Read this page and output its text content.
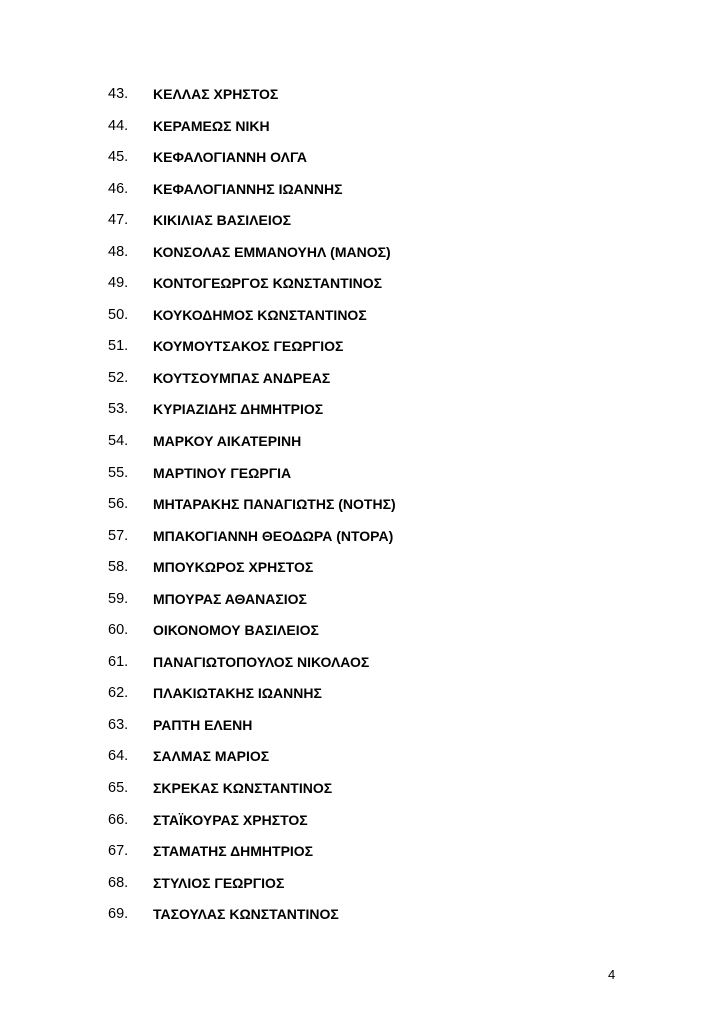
43. ΚΕΛΛΑΣ ΧΡΗΣΤΟΣ
44. ΚΕΡΑΜΕΩΣ ΝΙΚΗ
45. ΚΕΦΑΛΟΓΙΑΝΝΗ ΟΛΓΑ
46. ΚΕΦΑΛΟΓΙΑΝΝΗΣ ΙΩΑΝΝΗΣ
47. ΚΙΚΙΛΙΑΣ ΒΑΣΙΛΕΙΟΣ
48. ΚΟΝΣΟΛΑΣ ΕΜΜΑΝΟΥΗΛ (ΜΑΝΟΣ)
49. ΚΟΝΤΟΓΕΩΡΓΟΣ ΚΩΝΣΤΑΝΤΙΝΟΣ
50. ΚΟΥΚΟΔΗΜΟΣ ΚΩΝΣΤΑΝΤΙΝΟΣ
51. ΚΟΥΜΟΥΤΣΑΚΟΣ ΓΕΩΡΓΙΟΣ
52. ΚΟΥΤΣΟΥΜΠΑΣ ΑΝΔΡΕΑΣ
53. ΚΥΡΙΑΖΙΔΗΣ ΔΗΜΗΤΡΙΟΣ
54. ΜΑΡΚΟΥ ΑΙΚΑΤΕΡΙΝΗ
55. ΜΑΡΤΙΝΟΥ ΓΕΩΡΓΙΑ
56. ΜΗΤΑΡΑΚΗΣ ΠΑΝΑΓΙΩΤΗΣ (ΝΟΤΗΣ)
57. ΜΠΑΚΟΓΙΑΝΝΗ ΘΕΟΔΩΡΑ (ΝΤΟΡΑ)
58. ΜΠΟΥΚΩΡΟΣ ΧΡΗΣΤΟΣ
59. ΜΠΟΥΡΑΣ ΑΘΑΝΑΣΙΟΣ
60. ΟΙΚΟΝΟΜΟΥ ΒΑΣΙΛΕΙΟΣ
61. ΠΑΝΑΓΙΩΤΟΠΟΥΛΟΣ ΝΙΚΟΛΑΟΣ
62. ΠΛΑΚΙΩΤΑΚΗΣ ΙΩΑΝΝΗΣ
63. ΡΑΠΤΗ ΕΛΕΝΗ
64. ΣΑΛΜΑΣ ΜΑΡΙΟΣ
65. ΣΚΡΕΚΑΣ ΚΩΝΣΤΑΝΤΙΝΟΣ
66. ΣΤΑΪΚΟΥΡΑΣ ΧΡΗΣΤΟΣ
67. ΣΤΑΜΑΤΗΣ ΔΗΜΗΤΡΙΟΣ
68. ΣΤΥΛΙΟΣ ΓΕΩΡΓΙΟΣ
69. ΤΑΣΟΥΛΑΣ ΚΩΝΣΤΑΝΤΙΝΟΣ
4
